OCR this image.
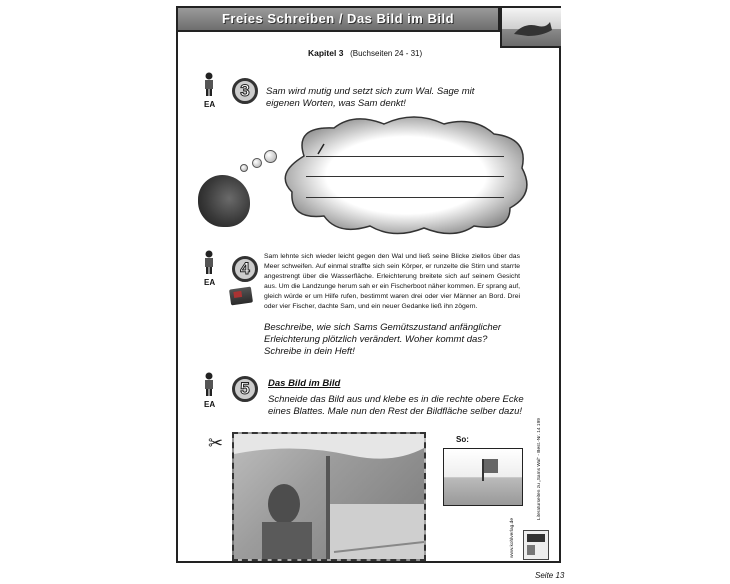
Freies Schreiben / Das Bild im Bild
Kapitel 3 (Buchseiten 24 - 31)
EA
3	Sam wird mutig und setzt sich zum Wal. Sage mit eigenen Worten, was Sam denkt!
EA
4
Sam lehnte sich wieder leicht gegen den Wal und ließ seine Blicke ziellos über das Meer schweifen. Auf einmal straffte sich sein Körper, er runzelte die Stirn und starrte angestrengt über die Wasserfläche. Erleichterung breitete sich auf seinem Gesicht aus. Um die Landzunge herum sah er ein Fischerboot näher kommen. Er sprang auf, gleich würde er um Hilfe rufen, bestimmt waren drei oder vier Männer an Bord. Drei oder vier Fischer, dachte Sam, und ein neuer Gedanke ließ ihn zögern.
Beschreibe, wie sich Sams Gemütszustand anfänglicher Erleichterung plötzlich verändert. Woher kommt das? Schreibe in dein Heft!
EA
5	Das Bild im Bild
Schneide das Bild aus und klebe es in die rechte obere Ecke eines Blattes. Male nun den Rest der Bildfläche selber dazu!
✂	So:	Literaturseiten zu „Sams Wal“ - Best.-Nr. 14 199
www.kohlverlag.de
Seite 13
